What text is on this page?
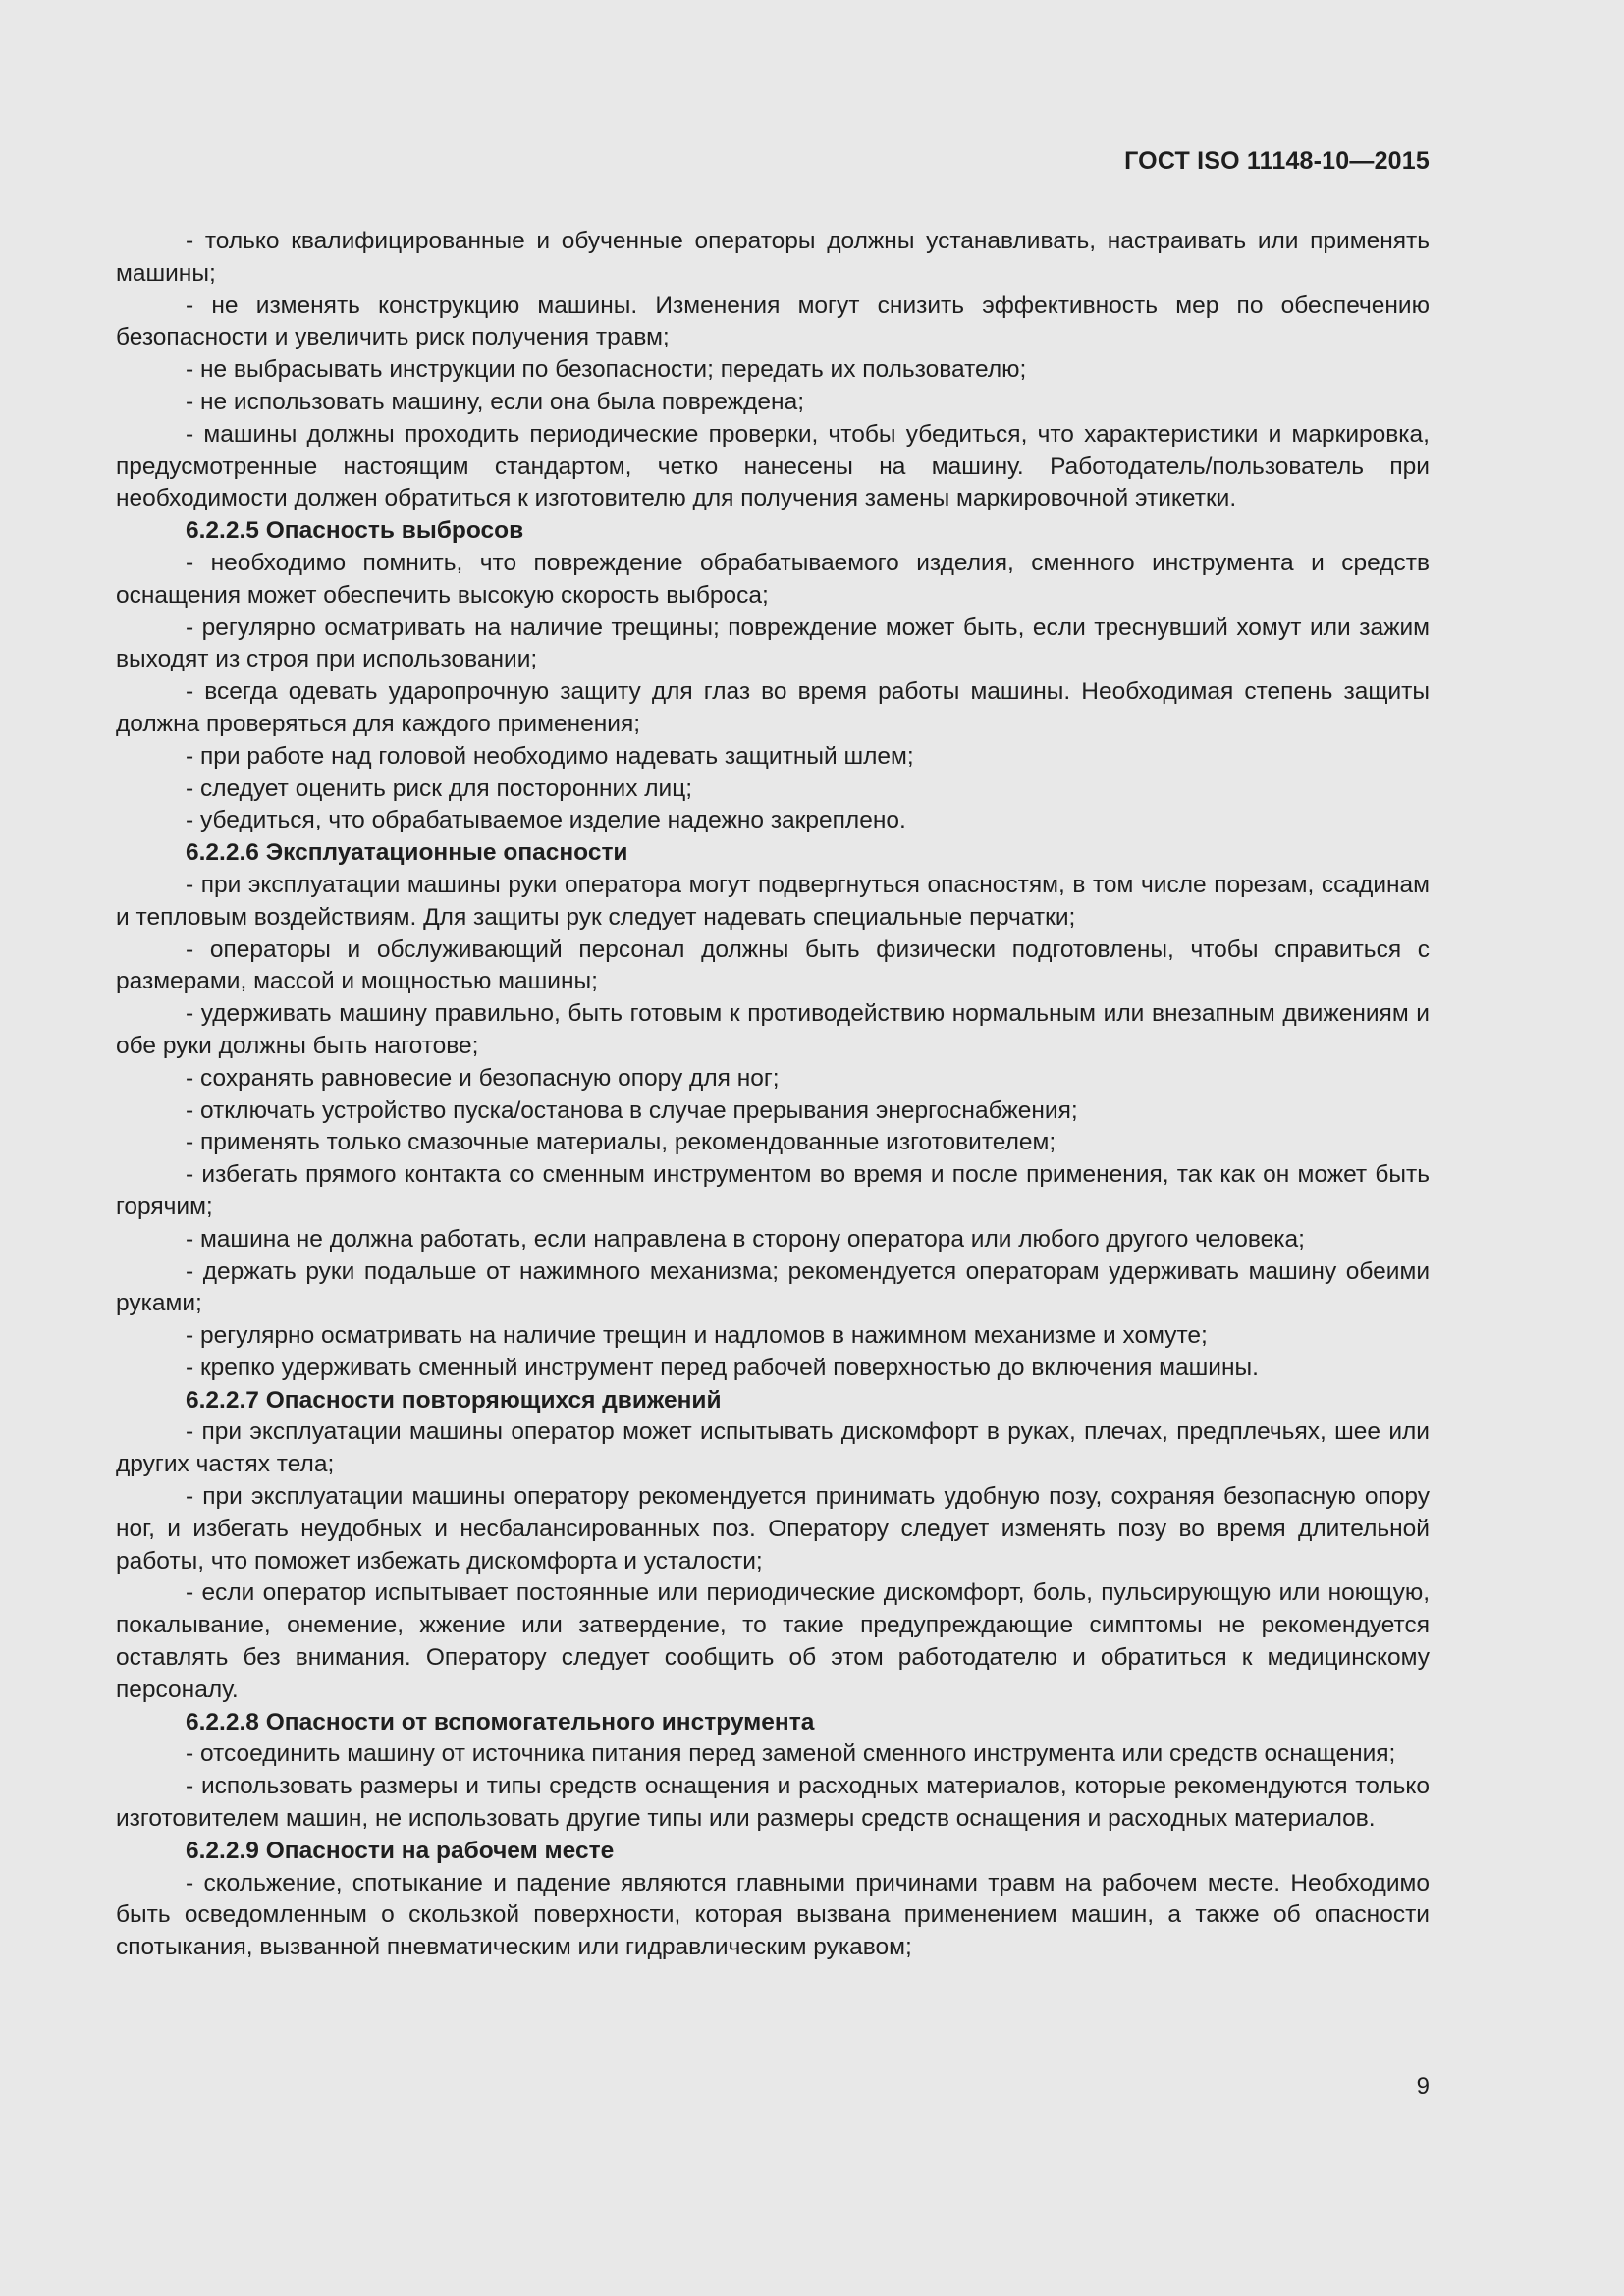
ГОСТ ISO 11148-10—2015

- только квалифицированные и обученные операторы должны устанавливать, настраивать или применять машины;

- не изменять конструкцию машины. Изменения могут снизить эффективность мер по обеспечению безопасности и увеличить риск получения травм;

- не выбрасывать инструкции по безопасности; передать их пользователю;

- не использовать машину, если она была повреждена;

- машины должны проходить периодические проверки, чтобы убедиться, что характеристики и маркировка, предусмотренные настоящим стандартом, четко нанесены на машину. Работодатель/пользователь при необходимости должен обратиться к изготовителю для получения замены маркировочной этикетки.

6.2.2.5 Опасность выбросов

- необходимо помнить, что повреждение обрабатываемого изделия, сменного инструмента и средств оснащения может обеспечить высокую скорость выброса;

- регулярно осматривать на наличие трещины; повреждение может быть, если треснувший хомут или зажим выходят из строя при использовании;

- всегда одевать ударопрочную защиту для глаз во время работы машины. Необходимая степень защиты должна проверяться для каждого применения;

- при работе над головой необходимо надевать защитный шлем;

- следует оценить риск для посторонних лиц;

- убедиться, что обрабатываемое изделие надежно закреплено.

6.2.2.6 Эксплуатационные опасности

- при эксплуатации машины руки оператора могут подвергнуться опасностям, в том числе порезам, ссадинам и тепловым воздействиям. Для защиты рук следует надевать специальные перчатки;

- операторы и обслуживающий персонал должны быть физически подготовлены, чтобы справиться с размерами, массой и мощностью машины;

- удерживать машину правильно, быть готовым к противодействию нормальным или внезапным движениям и обе руки должны быть наготове;

- сохранять равновесие и безопасную опору для ног;

- отключать устройство пуска/останова в случае прерывания энергоснабжения;

- применять только смазочные материалы, рекомендованные изготовителем;

- избегать прямого контакта со сменным инструментом во время и после применения, так как он может быть горячим;

- машина не должна работать, если направлена в сторону оператора или любого другого человека;

- держать руки подальше от нажимного механизма; рекомендуется операторам удерживать машину обеими руками;

- регулярно осматривать на наличие трещин и надломов в нажимном механизме и хомуте;

- крепко удерживать сменный инструмент перед рабочей поверхностью до включения машины.

6.2.2.7 Опасности повторяющихся движений

- при эксплуатации машины оператор может испытывать дискомфорт в руках, плечах, предплечьях, шее или других частях тела;

- при эксплуатации машины оператору рекомендуется принимать удобную позу, сохраняя безопасную опору ног, и избегать неудобных и несбалансированных поз. Оператору следует изменять позу во время длительной работы, что поможет избежать дискомфорта и усталости;

- если оператор испытывает постоянные или периодические дискомфорт, боль, пульсирующую или ноющую, покалывание, онемение, жжение или затвердение, то такие предупреждающие симптомы не рекомендуется оставлять без внимания. Оператору следует сообщить об этом работодателю и обратиться к медицинскому персоналу.

6.2.2.8 Опасности от вспомогательного инструмента

- отсоединить машину от источника питания перед заменой сменного инструмента или средств оснащения;

- использовать размеры и типы средств оснащения и расходных материалов, которые рекомендуются только изготовителем машин, не использовать другие типы или размеры средств оснащения и расходных материалов.

6.2.2.9 Опасности на рабочем месте

- скольжение, спотыкание и падение являются главными причинами травм на рабочем месте. Необходимо быть осведомленным о скользкой поверхности, которая вызвана применением машин, а также об опасности спотыкания, вызванной пневматическим или гидравлическим рукавом;

9
